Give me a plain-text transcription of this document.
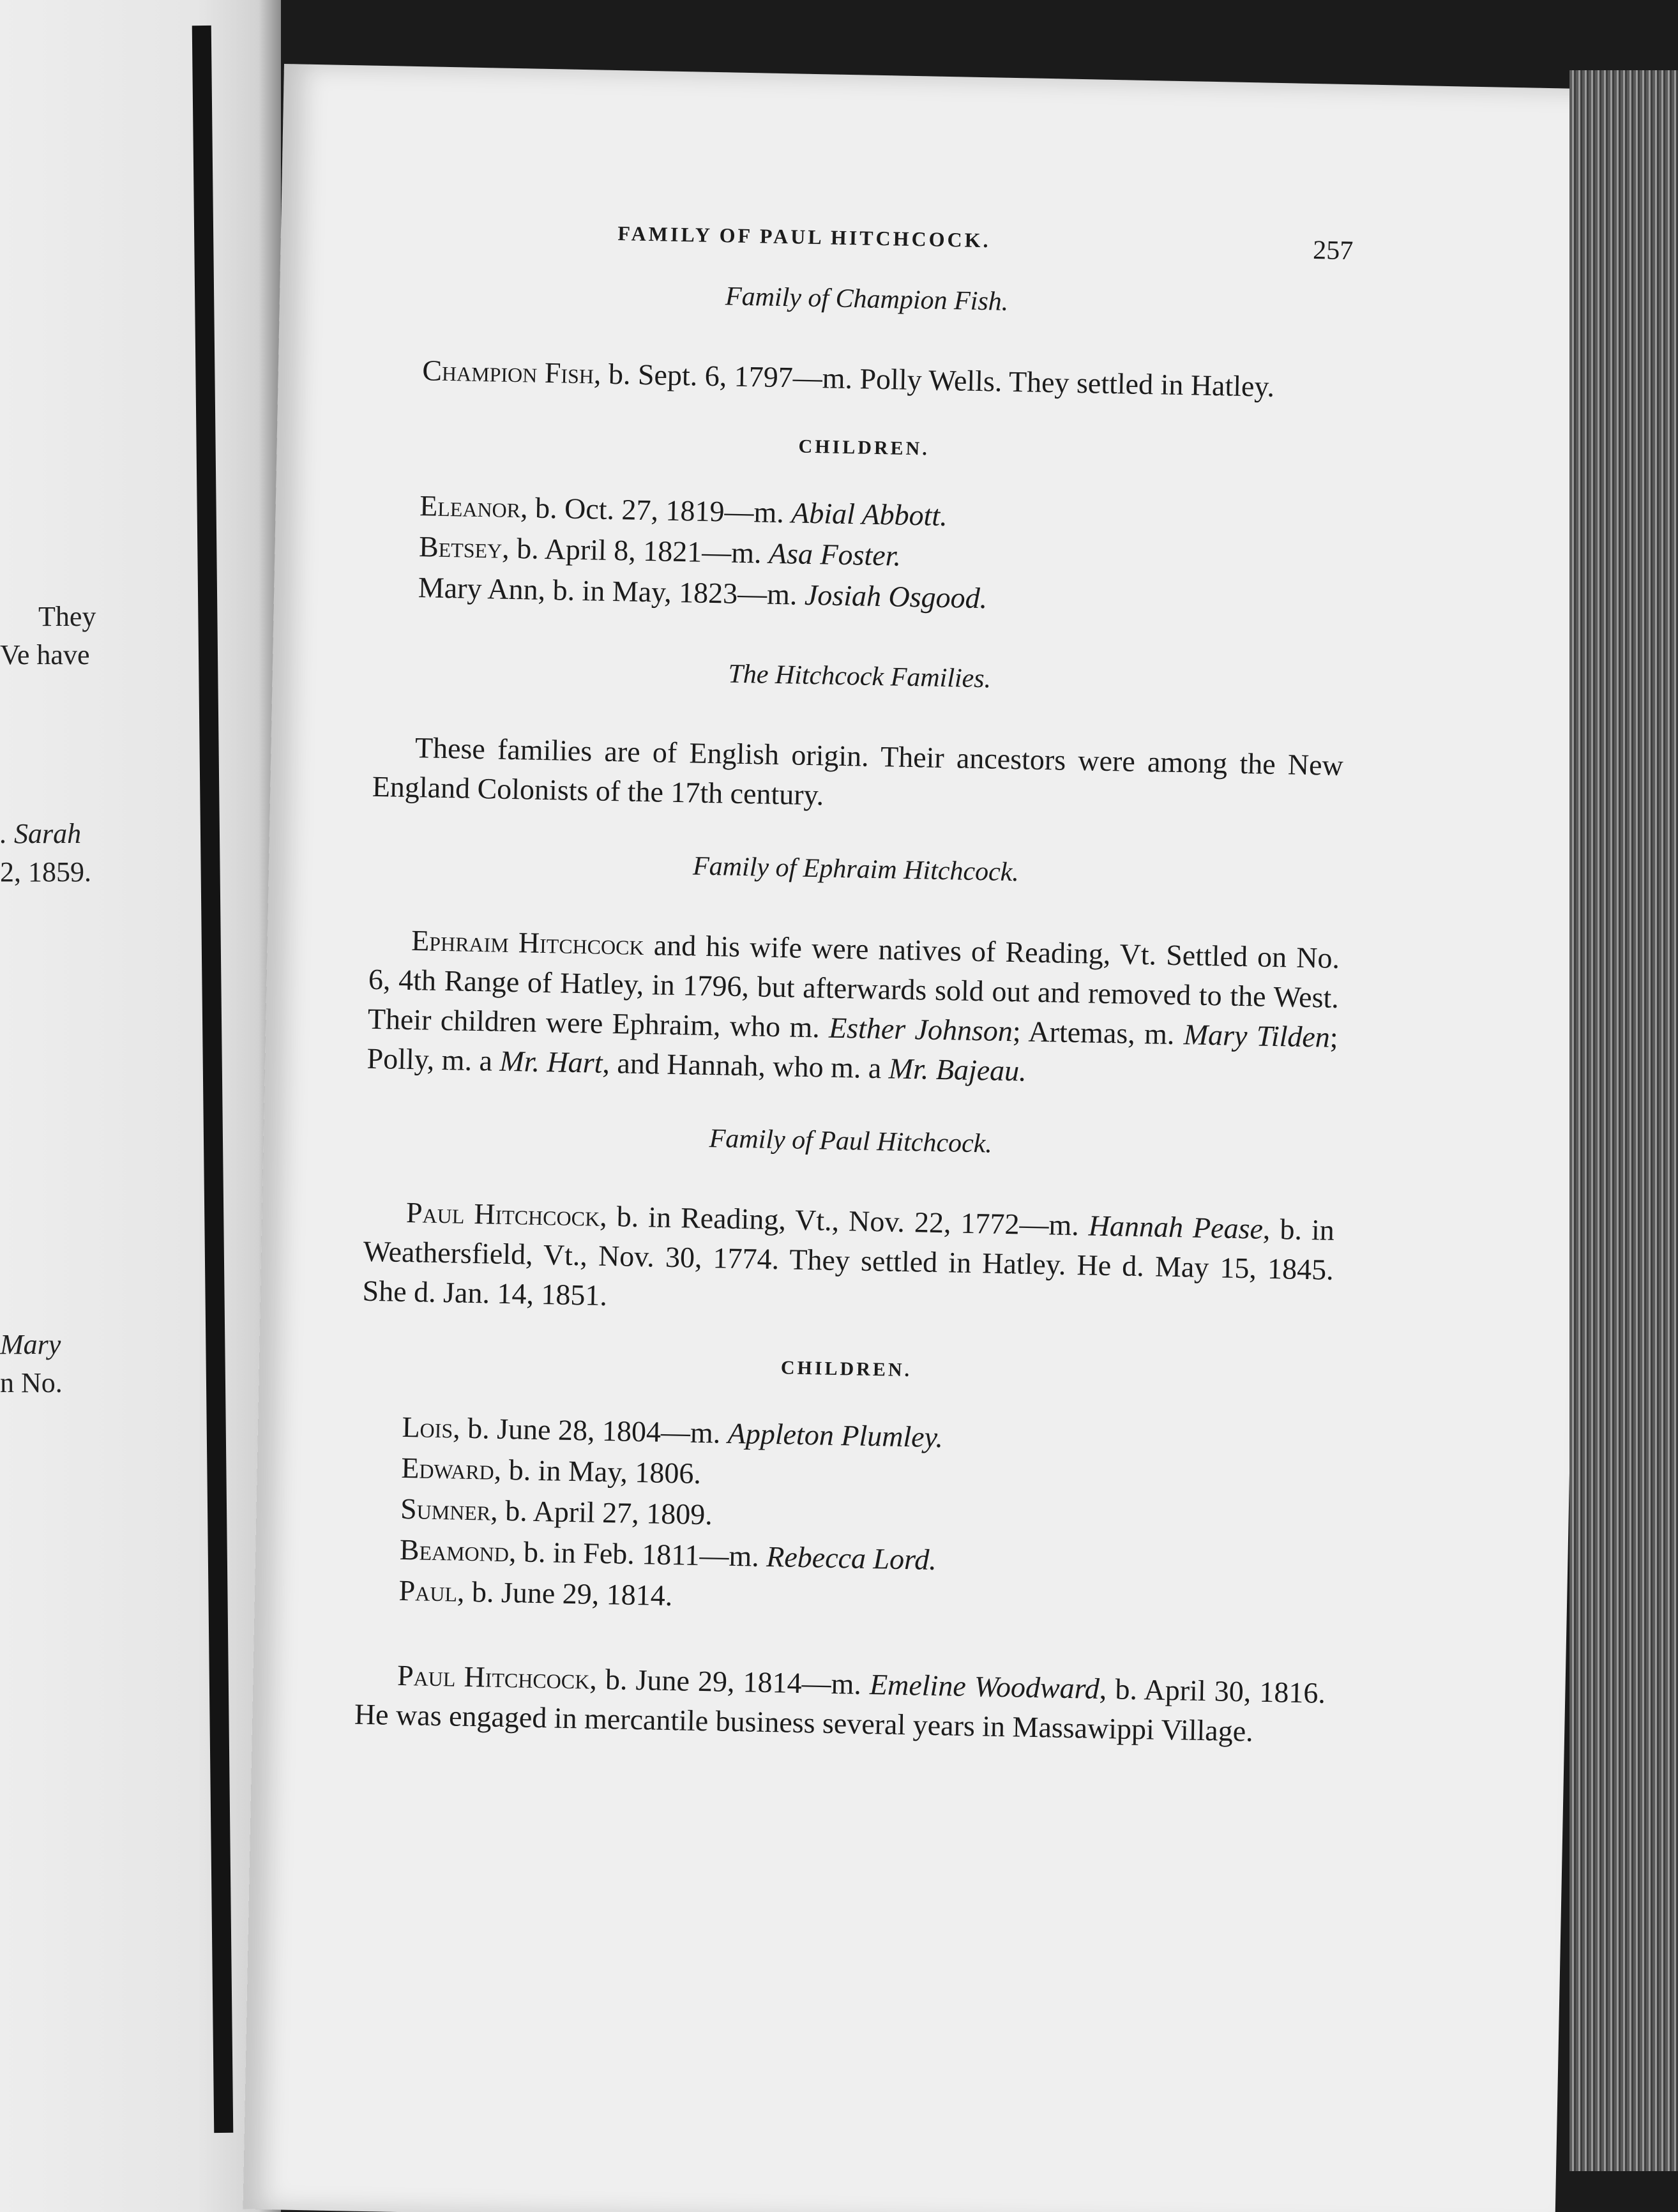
They
Ve have
. Sarah
2, 1859.
Mary
n No.
FAMILY OF PAUL HITCHCOCK.	257
Family of Champion Fish.

Champion Fish, b. Sept. 6, 1797—m. Polly Wells. They settled in Hatley.

CHILDREN.
Eleanor, b. Oct. 27, 1819—m. Abial Abbott.
Betsey, b. April 8, 1821—m. Asa Foster.
Mary Ann, b. in May, 1823—m. Josiah Osgood.
The Hitchcock Families.

These families are of English origin. Their ancestors were among the New England Colonists of the 17th century.

Family of Ephraim Hitchcock.

Ephraim Hitchcock and his wife were natives of Reading, Vt. Settled on No. 6, 4th Range of Hatley, in 1796, but afterwards sold out and removed to the West. Their children were Ephraim, who m. Esther Johnson; Artemas, m. Mary Tilden; Polly, m. a Mr. Hart, and Hannah, who m. a Mr. Bajeau.

Family of Paul Hitchcock.

Paul Hitchcock, b. in Reading, Vt., Nov. 22, 1772—m. Hannah Pease, b. in Weathersfield, Vt., Nov. 30, 1774. They settled in Hatley. He d. May 15, 1845. She d. Jan. 14, 1851.

CHILDREN.
Lois, b. June 28, 1804—m. Appleton Plumley.
Edward, b. in May, 1806.
Sumner, b. April 27, 1809.
Beamond, b. in Feb. 1811—m. Rebecca Lord.
Paul, b. June 29, 1814.

Paul Hitchcock, b. June 29, 1814—m. Emeline Woodward, b. April 30, 1816. He was engaged in mercantile business several years in Massawippi Village.
